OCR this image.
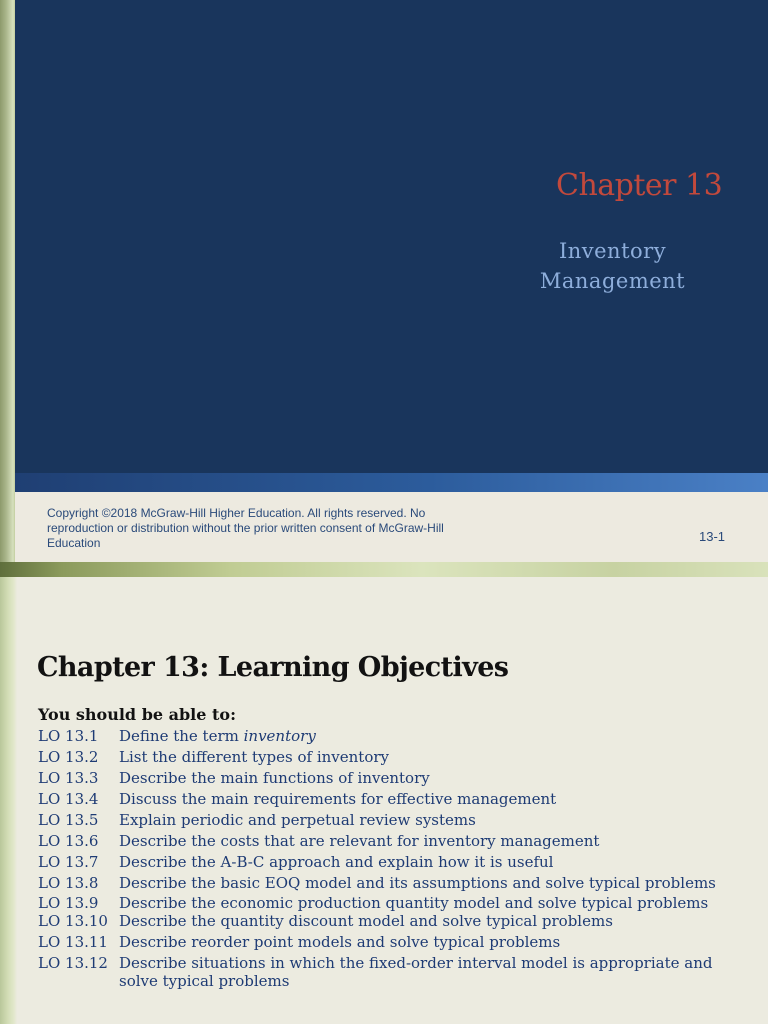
Chapter 13
Inventory
Management
Copyright ©2018 McGraw-Hill Higher Education. All rights reserved. No reproduction or distribution without the prior written consent of McGraw-Hill Education	13-1
Chapter 13: Learning Objectives
You should be able to:
LO 13.1 Define the term inventory
LO 13.2 List the different types of inventory
LO 13.3 Describe the main functions of inventory
LO 13.4 Discuss the main requirements for effective management
LO 13.5 Explain periodic and perpetual review systems
LO 13.6 Describe the costs that are relevant for inventory management
LO 13.7 Describe the A-B-C approach and explain how it is useful
LO 13.8 Describe the basic EOQ model and its assumptions and solve typical problems
LO 13.9 Describe the economic production quantity model and solve typical problems
LO 13.10 Describe the quantity discount model and solve typical problems
LO 13.11 Describe reorder point models and solve typical problems
LO 13.12 Describe situations in which the fixed-order interval model is appropriate and solve typical problems
